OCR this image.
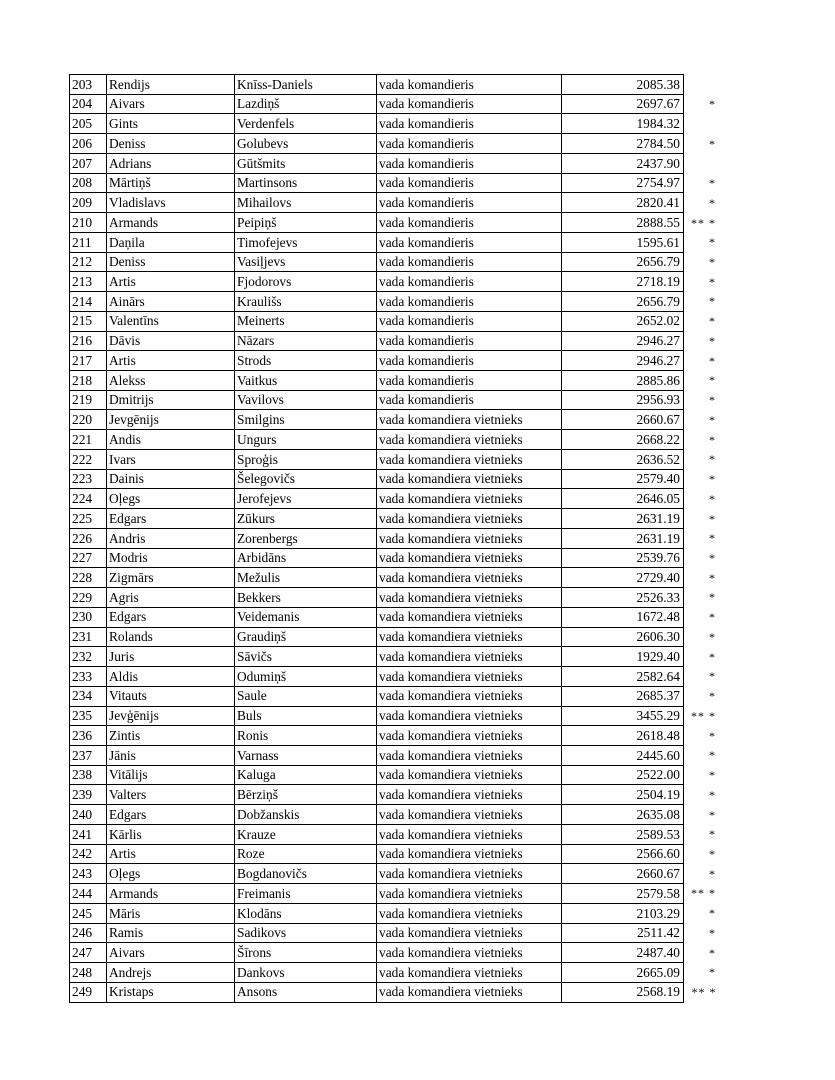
203	Rendijs	Knīss-Daniels	vada komandieris	2085.38	
204	Aivars	Lazdiņš	vada komandieris	2697.67	*
205	Gints	Verdenfels	vada komandieris	1984.32	
206	Deniss	Golubevs	vada komandieris	2784.50	*
207	Adrians	Gūtšmits	vada komandieris	2437.90	
208	Mārtiņš	Martinsons	vada komandieris	2754.97	*
209	Vladislavs	Mihailovs	vada komandieris	2820.41	*
210	Armands	Peipiņš	vada komandieris	2888.55	** *
211	Daņila	Timofejevs	vada komandieris	1595.61	*
212	Deniss	Vasiļjevs	vada komandieris	2656.79	*
213	Artis	Fjodorovs	vada komandieris	2718.19	*
214	Ainārs	Kraulišs	vada komandieris	2656.79	*
215	Valentīns	Meinerts	vada komandieris	2652.02	*
216	Dāvis	Nāzars	vada komandieris	2946.27	*
217	Artis	Strods	vada komandieris	2946.27	*
218	Alekss	Vaitkus	vada komandieris	2885.86	*
219	Dmitrijs	Vavilovs	vada komandieris	2956.93	*
220	Jevgēnijs	Smilgins	vada komandiera vietnieks	2660.67	*
221	Andis	Ungurs	vada komandiera vietnieks	2668.22	*
222	Ivars	Sproģis	vada komandiera vietnieks	2636.52	*
223	Dainis	Šelegovičs	vada komandiera vietnieks	2579.40	*
224	Oļegs	Jerofejevs	vada komandiera vietnieks	2646.05	*
225	Edgars	Zūkurs	vada komandiera vietnieks	2631.19	*
226	Andris	Zorenbergs	vada komandiera vietnieks	2631.19	*
227	Modris	Arbidāns	vada komandiera vietnieks	2539.76	*
228	Zigmārs	Mežulis	vada komandiera vietnieks	2729.40	*
229	Agris	Bekkers	vada komandiera vietnieks	2526.33	*
230	Edgars	Veidemanis	vada komandiera vietnieks	1672.48	*
231	Rolands	Graudiņš	vada komandiera vietnieks	2606.30	*
232	Juris	Sāvičs	vada komandiera vietnieks	1929.40	*
233	Aldis	Odumiņš	vada komandiera vietnieks	2582.64	*
234	Vitauts	Saule	vada komandiera vietnieks	2685.37	*
235	Jevģēnijs	Buls	vada komandiera vietnieks	3455.29	** *
236	Zintis	Ronis	vada komandiera vietnieks	2618.48	*
237	Jānis	Varnass	vada komandiera vietnieks	2445.60	*
238	Vitālijs	Kaluga	vada komandiera vietnieks	2522.00	*
239	Valters	Bērziņš	vada komandiera vietnieks	2504.19	*
240	Edgars	Dobžanskis	vada komandiera vietnieks	2635.08	*
241	Kārlis	Krauze	vada komandiera vietnieks	2589.53	*
242	Artis	Roze	vada komandiera vietnieks	2566.60	*
243	Oļegs	Bogdanovičs	vada komandiera vietnieks	2660.67	*
244	Armands	Freimanis	vada komandiera vietnieks	2579.58	** *
245	Māris	Klodāns	vada komandiera vietnieks	2103.29	*
246	Ramis	Sadikovs	vada komandiera vietnieks	2511.42	*
247	Aivars	Šīrons	vada komandiera vietnieks	2487.40	*
248	Andrejs	Dankovs	vada komandiera vietnieks	2665.09	*
249	Kristaps	Ansons	vada komandiera vietnieks	2568.19	** *
